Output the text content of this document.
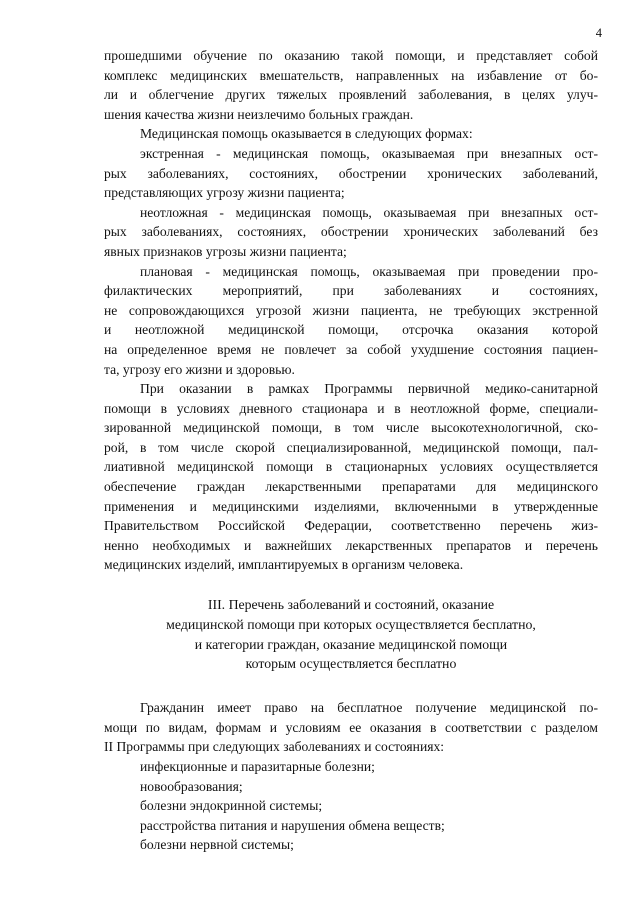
4
прошедшими обучение по оказанию такой помощи, и представляет собой
комплекс медицинских вмешательств, направленных на избавление от бо-
ли и облегчение других тяжелых проявлений заболевания, в целях улуч-
шения качества жизни неизлечимо больных граждан.
Медицинская помощь оказывается в следующих формах:
экстренная - медицинская помощь, оказываемая при внезапных ост-
рых заболеваниях, состояниях, обострении хронических заболеваний,
представляющих угрозу жизни пациента;
неотложная - медицинская помощь, оказываемая при внезапных ост-
рых заболеваниях, состояниях, обострении хронических заболеваний без
явных признаков угрозы жизни пациента;
плановая - медицинская помощь, оказываемая при проведении про-
филактических мероприятий, при заболеваниях и состояниях,
не сопровождающихся угрозой жизни пациента, не требующих экстренной
и неотложной медицинской помощи, отсрочка оказания которой
на определенное время не повлечет за собой ухудшение состояния пациен-
та, угрозу его жизни и здоровью.
При оказании в рамках Программы первичной медико-санитарной
помощи в условиях дневного стационара и в неотложной форме, специали-
зированной медицинской помощи, в том числе высокотехнологичной, ско-
рой, в том числе скорой специализированной, медицинской помощи, пал-
лиативной медицинской помощи в стационарных условиях осуществляется
обеспечение граждан лекарственными препаратами для медицинского
применения и медицинскими изделиями, включенными в утвержденные
Правительством Российской Федерации, соответственно перечень жиз-
ненно необходимых и важнейших лекарственных препаратов и перечень
медицинских изделий, имплантируемых в организм человека.
III. Перечень заболеваний и состояний, оказание
медицинской помощи при которых осуществляется бесплатно,
и категории граждан, оказание медицинской помощи
которым осуществляется бесплатно
Гражданин имеет право на бесплатное получение медицинской по-
мощи по видам, формам и условиям ее оказания в соответствии с разделом
II Программы при следующих заболеваниях и состояниях:
инфекционные и паразитарные болезни;
новообразования;
болезни эндокринной системы;
расстройства питания и нарушения обмена веществ;
болезни нервной системы;
